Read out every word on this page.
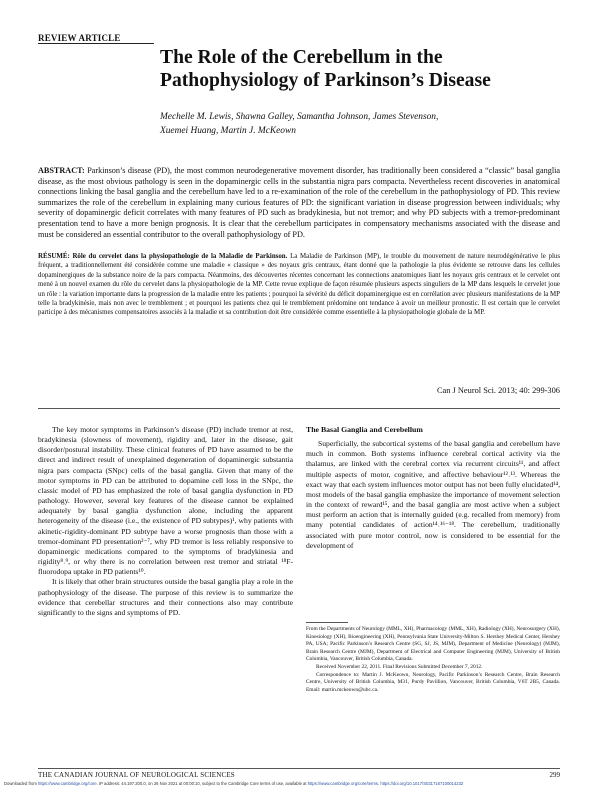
REVIEW ARTICLE
The Role of the Cerebellum in the Pathophysiology of Parkinson’s Disease
Mechelle M. Lewis, Shawna Galley, Samantha Johnson, James Stevenson,
Xuemei Huang, Martin J. McKeown
ABSTRACT: Parkinson’s disease (PD), the most common neurodegenerative movement disorder, has traditionally been considered a “classic” basal ganglia disease, as the most obvious pathology is seen in the dopaminergic cells in the substantia nigra pars compacta. Nevertheless recent discoveries in anatomical connections linking the basal ganglia and the cerebellum have led to a re-examination of the role of the cerebellum in the pathophysiology of PD. This review summarizes the role of the cerebellum in explaining many curious features of PD: the significant variation in disease progression between individuals; why severity of dopaminergic deficit correlates with many features of PD such as bradykinesia, but not tremor; and why PD subjects with a tremor-predominant presentation tend to have a more benign prognosis. It is clear that the cerebellum participates in compensatory mechanisms associated with the disease and must be considered an essential contributor to the overall pathophysiology of PD.
RÉSUMÉ: Rôle du cervelet dans la physiopathologie de la Maladie de Parkinson. La Maladie de Parkinson (MP), le trouble du mouvement de nature neurodégénérative le plus fréquent, a traditionnellement été considérée comme une maladie « classique » des noyaux gris centraux, étant donné que la pathologie la plus évidente se retrouve dans les cellules dopaminergiques de la substance noire de la pars compacta. Néanmoins, des découvertes récentes concernant les connections anatomiques liant les noyaux gris centraux et le cervelet ont mené à un nouvel examen du rôle du cervelet dans la physiopathologie de la MP. Cette revue explique de façon résumée plusieurs aspects singuliers de la MP dans lesquels le cervelet joue un rôle : la variation importante dans la progression de la maladie entre les patients ; pourquoi la sévérité du déficit dopaminergique est en corrélation avec plusieurs manifestations de la MP telle la bradykinésie, mais non avec le tremblement ; et pourquoi les patients chez qui le tremblement prédomine ont tendance à avoir un meilleur pronostic. Il est certain que le cervelet participe à des mécanismes compensatoires associés à la maladie et sa contribution doit être considérée comme essentielle à la physiopathologie globale de la MP.
Can J Neurol Sci. 2013; 40: 299-306

The key motor symptoms in Parkinson’s disease (PD) include tremor at rest, bradykinesia (slowness of movement), rigidity and, later in the disease, gait disorder/postural instability. These clinical features of PD have assumed to be the direct and indirect result of unexplained degeneration of dopaminergic substantia nigra pars compacta (SNpc) cells of the basal ganglia. Given that many of the motor symptoms in PD can be attributed to dopamine cell loss in the SNpc, the classic model of PD has emphasized the role of basal ganglia dysfunction in PD pathology. However, several key features of the disease cannot be explained adequately by basal ganglia dysfunction alone, including the apparent heterogeneity of the disease (i.e., the existence of PD subtypes)¹, why patients with akinetic-rigidity-dominant PD subtype have a worse prognosis than those with a tremor-dominant PD presentation²⁻⁷, why PD tremor is less reliably responsive to dopaminergic medications compared to the symptoms of bradykinesia and rigidity⁸˒⁹, or why there is no correlation between rest tremor and striatal ¹⁸F-fluorodopa uptake in PD patients¹⁰.

It is likely that other brain structures outside the basal ganglia play a role in the pathophysiology of the disease. The purpose of this review is to summarize the evidence that cerebellar structures and their connections also may contribute significantly to the signs and symptoms of PD.

The Basal Ganglia and Cerebellum

Superficially, the subcortical systems of the basal ganglia and cerebellum have much in common. Both systems influence cerebral cortical activity via the thalamus, are linked with the cerebral cortex via recurrent circuits¹¹, and affect multiple aspects of motor, cognitive, and affective behaviour¹²˒¹³. Whereas the exact way that each system influences motor output has not been fully elucidated¹⁴, most models of the basal ganglia emphasize the importance of movement selection in the context of reward¹⁵, and the basal ganglia are most active when a subject must perform an action that is internally guided (e.g. recalled from memory) from many potential candidates of action¹⁴˒¹⁶⁻¹⁸. The cerebellum, traditionally associated with pure motor control, now is considered to be essential for the development of

From the Departments of Neurology (MML, XH), Pharmacology (MML, XH), Radiology (XH), Neurosurgery (XH), Kinesiology (XH), Bioengineering (XH), Pennsylvania State University-Milton S. Hershey Medical Center, Hershey PA, USA; Pacific Parkinson’s Research Centre (SG, SJ, JS, MJM), Department of Medicine (Neurology) (MJM), Brain Research Centre (MJM), Department of Electrical and Computer Engineering (MJM), University of British Columbia, Vancouver, British Columbia, Canada.

Received November 22, 2011. Final Revisions Submitted December 7, 2012.

Correspondence to: Martin J. McKeown, Neurology, Pacific Parkinson’s Research Centre, Brain Research Centre, University of British Columbia, M31, Purdy Pavillion, Vancouver, British Columbia, V6T 2B5, Canada. Email: martin.mckeown@ubc.ca.

THE CANADIAN JOURNAL OF NEUROLOGICAL SCIENCES	299
Downloaded from https://www.cambridge.org/core. IP address: 44.197.200.0, on 26 Nov 2021 at 00:00:10, subject to the Cambridge Core terms of use, available at https://www.cambridge.org/core/terms. https://doi.org/10.1017/S0317167100014232
